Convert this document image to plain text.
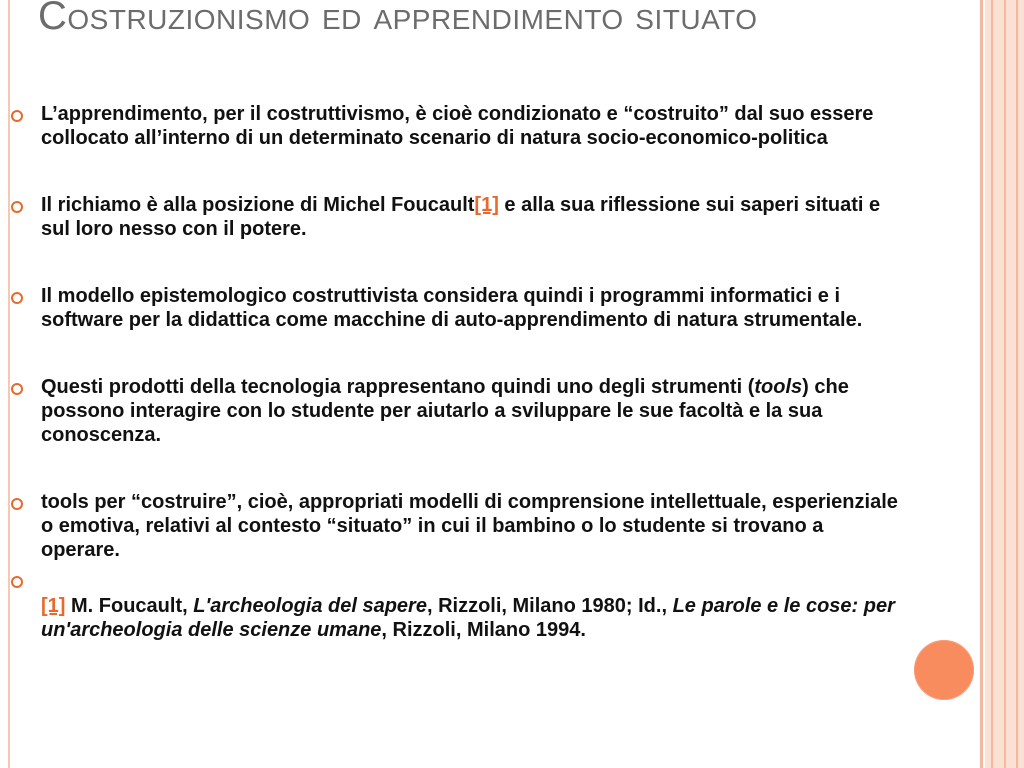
Costruzionismo ed apprendimento situato
L’apprendimento, per il costruttivismo, è cioè condizionato e “costruito” dal suo essere collocato all’interno di un determinato scenario di natura socio-economico-politica
Il richiamo è alla posizione di Michel Foucault[1] e alla sua riflessione sui saperi situati e sul loro nesso con il potere.
Il modello epistemologico costruttivista considera quindi i programmi informatici e i software per la didattica come macchine di auto-apprendimento di natura strumentale.
Questi prodotti della tecnologia rappresentano quindi uno degli strumenti (tools) che possono interagire con lo studente per aiutarlo a sviluppare le sue facoltà e la sua conoscenza.
tools per “costruire”, cioè, appropriati modelli di comprensione intellettuale, esperienziale o emotiva, relativi al contesto “situato” in cui il bambino o lo studente si trovano a operare.
[1] M. Foucault, L'archeologia del sapere, Rizzoli, Milano 1980; Id., Le parole e le cose: per un'archeologia delle scienze umane, Rizzoli, Milano 1994.
